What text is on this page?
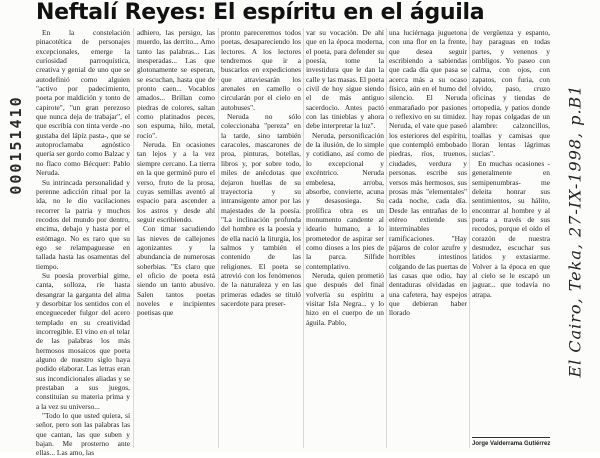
Neftalí Reyes: El espíritu en el águila
000151410	El Cairo, Teka, 27-IX-1998, p.B1

En la constelación pinacotética de personajes excepcionales, emerge la curiosidad parroquística, creativa y genial de uno que se autodefinió como alguien "activo por padecimiento, poeta por maldición y tonto de capirote", "un gran perezoso que nunca deja de trabajar", el que escribía con tinta verde -no gustaba del lápiz pasta-, que se autoproclamaba agnóstico quería ser gordo como Balzac y no flaco como Bécquer: Pablo Neruda.

Su intrincada personalidad y perenne adicción ritual por la ida, no le dio vacilaciones recorrer la patria y muchos recodos del mundo por dentro, encima, debajo y hasta por el estómago. No es raro que su ego se relampaguease en tallada hasta las osamentas del tiempo.

Su poesía proverbial gime, canta, solloza, ríe hasta desangrar la garganta del alma y desorbitar los sentidos con el encegueceder fulgor del acero templado en su creatividad incorregible. El vino en el telar de las palabras los más hermosos mosaicos que poeta alguno de nuestro siglo haya podido elaborar. Las letras eran sus incondicionales aliadas y se prestaban a sus juegos, constituían su materia prima y a la vez su universo...

"Todo lo que usted quiera, sí señor, pero son las palabras las que cantan, las que suben y bajan. Me prosterno ante ellas... Las amo, las

adhiero, las persigo, las muerdo, las derrito... Amo tanto las palabras... Las inesperadas... Las que glotonamente se esperan, se escuchan, hasta que de pronto caen... Vocablos amados... Brillan como piedras de colores, saltan como platinados peces, son espuma, hilo, metal, rocío".

Neruda. En ocasiones tan lejos y a la vez siempre cercano. La tierra en la que germinó puro el verso, fruto de la prosa, cuyas semillas aventó al espacio para ascender a los astros y desde ahí seguir escribiendo.

Con timar sacudiendo las nieves de callejones agonizantes y la abundancia de numerosas soberbias. "Es claro que el oficio de poeta está siendo un tanto abusivo. Salen tantos poetas noveles e incipientes poetisas que

pronto pareceremos todos poetas, desapareciendo los lectores. A los lectores tendremos que ir a buscarlos en expediciones que atraviesarán los arenales en camello o circularán por el cielo en autobuses".

Neruda no sólo coleccionaba "pereza" en la tarde, sino también caracoles, mascarones de proa, pinturas, botellas, libros y, por sobre todo, miles de anécdotas que dejaron huellas de su trayectoria y su intransigente amor por las majestades de la poesía. "La inclinación profunda del hombre es la poesía y de ella nació la liturgia, los salmos y también el contenido de las religiones. El poeta se atrevió con los fenómenos de la naturaleza y en las primeras edades se tituló sacerdote para preser-

var su vocación. De ahí que en la época moderna, el poeta, para defender su poesía, tome la investidura que le dan la calle y las masas. El poeta civil de hoy sigue siendo el de más antiguo sacerdocio. Antes pactó con las tinieblas y ahora debe interpretar la luz".

Neruda, personificación de la ilusión, de lo simple y cotidiano, así como de lo excepcional y excéntrico. Neruda embelesa, arroba, absorbe, convierte, acuna y desasosiega. Su prolífica obra es un monumento candente al ideario humano, a lo prometedor de aspirar ser como dioses a los pies de la parca. Silfide contemplativo.

Neruda, quien prometió que después del final volvería su espíritu a visitar Isla Negra... y lo hizo en el cuerpo de un águila. Pablo,

una luciérnaga juguetona con una flor en la frente, que desea seguir escribiendo a sabiendas que cada día que pasa se acerca más a su ocaso físico, aún en el humo del silencio. El Neruda enmarañado por pasiones o reflexivo en su timidez. Neruda, el vate que paseó los esteriores del espíritu, que contempló embobado piedras, ríos, truenos, ciudades, verdura y personas. escribe sus versos más hermosos, sus prosas más "elementales" cada noche, cada día. Desde las entrañas de lo etéreo extiende sus interminables ramificaciones. "Hay pájaros de color azufre y horribles intestinos colgando de las puertas de las casas que odio, hay dentaduras olvidadas en una cafetera, hay espejos que debieran haber llorado

de vergüenza y espanto, hay paraguas en todas partes, y venenos y ombligos. Yo paseo con calma, con ojos, con zapatos, con furia, con olvido, paso, cruzo oficinas y tiendas de ortopedia, y patios donde hay ropas colgadas de un alambre: calzoncillos, toallas y camisas que lloran lentas lágrimas sucias".

En muchas ocasiones -generalmente en semipenumbras- me deleita honrar sus sentimientos, su hálito, encontrar al hombre y al poeta a través de sus recodos, porque el oído el corazón de nuestra desnudez, escuchar sus latidos y extasiarme. Volver a la época en que al cielo se le escapó un jaguar... que todavía no atrapa.

Jorge Valderrama Gutiérrez
